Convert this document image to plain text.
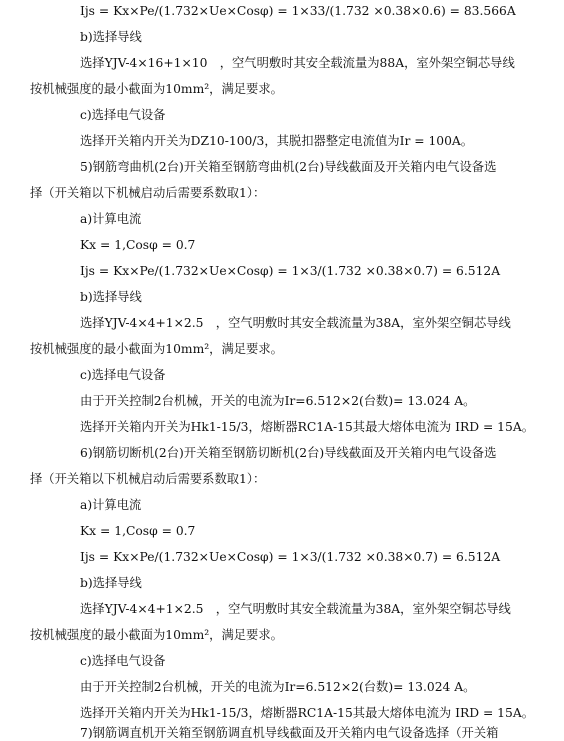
Ijs = Kx×Pe/(1.732×Ue×Cosφ) = 1×33/(1.732 ×0.38×0.6) = 83.566A
b)选择导线
选择YJV-4×16+1×10　，空气明敷时其安全载流量为88A，室外架空铜芯导线
按机械强度的最小截面为10mm²，满足要求。
c)选择电气设备
选择开关箱内开关为DZ10-100/3，其脱扣器整定电流值为Ir = 100A。
5)钢筋弯曲机(2台)开关箱至钢筋弯曲机(2台)导线截面及开关箱内电气设备选
择（开关箱以下机械启动后需要系数取1）：
a)计算电流
Kx = 1,Cosφ = 0.7
Ijs = Kx×Pe/(1.732×Ue×Cosφ) = 1×3/(1.732 ×0.38×0.7) = 6.512A
b)选择导线
选择YJV-4×4+1×2.5　，空气明敷时其安全载流量为38A，室外架空铜芯导线
按机械强度的最小截面为10mm²，满足要求。
c)选择电气设备
由于开关控制2台机械，开关的电流为Ir=6.512×2(台数)= 13.024 A。
选择开关箱内开关为Hk1-15/3，熔断器RC1A-15其最大熔体电流为 IRD = 15A。
6)钢筋切断机(2台)开关箱至钢筋切断机(2台)导线截面及开关箱内电气设备选
择（开关箱以下机械启动后需要系数取1）：
a)计算电流
Kx = 1,Cosφ = 0.7
Ijs = Kx×Pe/(1.732×Ue×Cosφ) = 1×3/(1.732 ×0.38×0.7) = 6.512A
b)选择导线
选择YJV-4×4+1×2.5　，空气明敷时其安全载流量为38A，室外架空铜芯导线
按机械强度的最小截面为10mm²，满足要求。
c)选择电气设备
由于开关控制2台机械，开关的电流为Ir=6.512×2(台数)= 13.024 A。
选择开关箱内开关为Hk1-15/3，熔断器RC1A-15其最大熔体电流为 IRD = 15A。
7)钢筋调直机开关箱至钢筋调直机导线截面及开关箱内电气设备选择（开关箱
